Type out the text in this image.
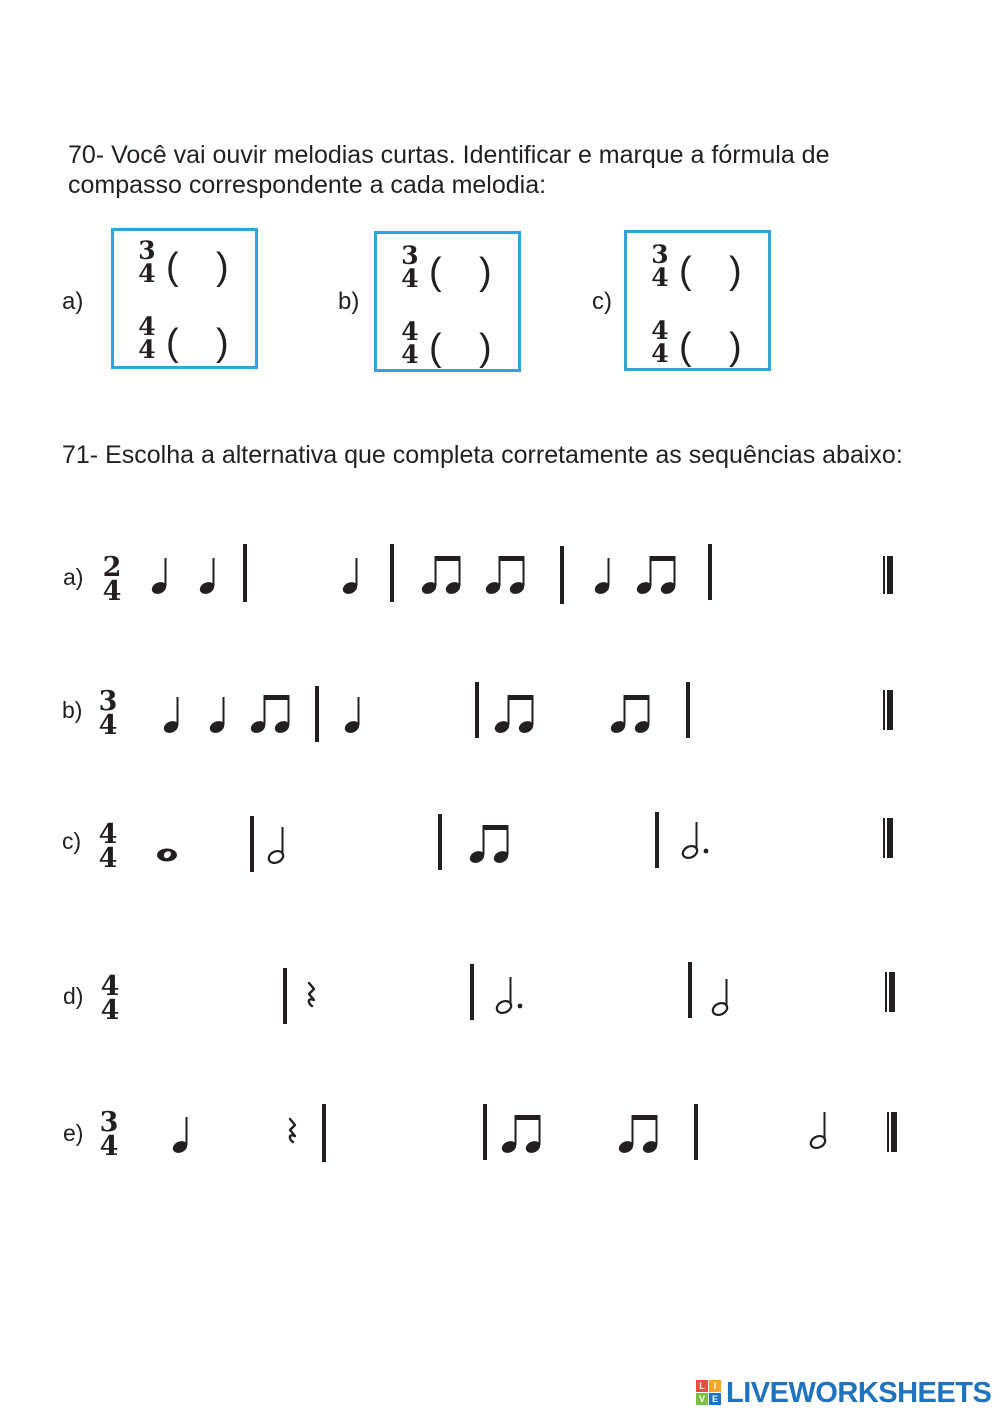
70- Você vai ouvir melodias curtas. Identificar e marque a fórmula de compasso correspondente a cada melodia:

a)
3
4 ( )
4
4 ( )
b)
3
4 ( )
4
4 ( )
c)
3
4 ( )
4
4 ( )

71- Escolha a alternativa que completa corretamente as sequências abaixo:

a) 2
4
b) 3
4
c) 4
4
d) 4
4
e) 3
4
L I
V E LIVEWORKSHEETS
